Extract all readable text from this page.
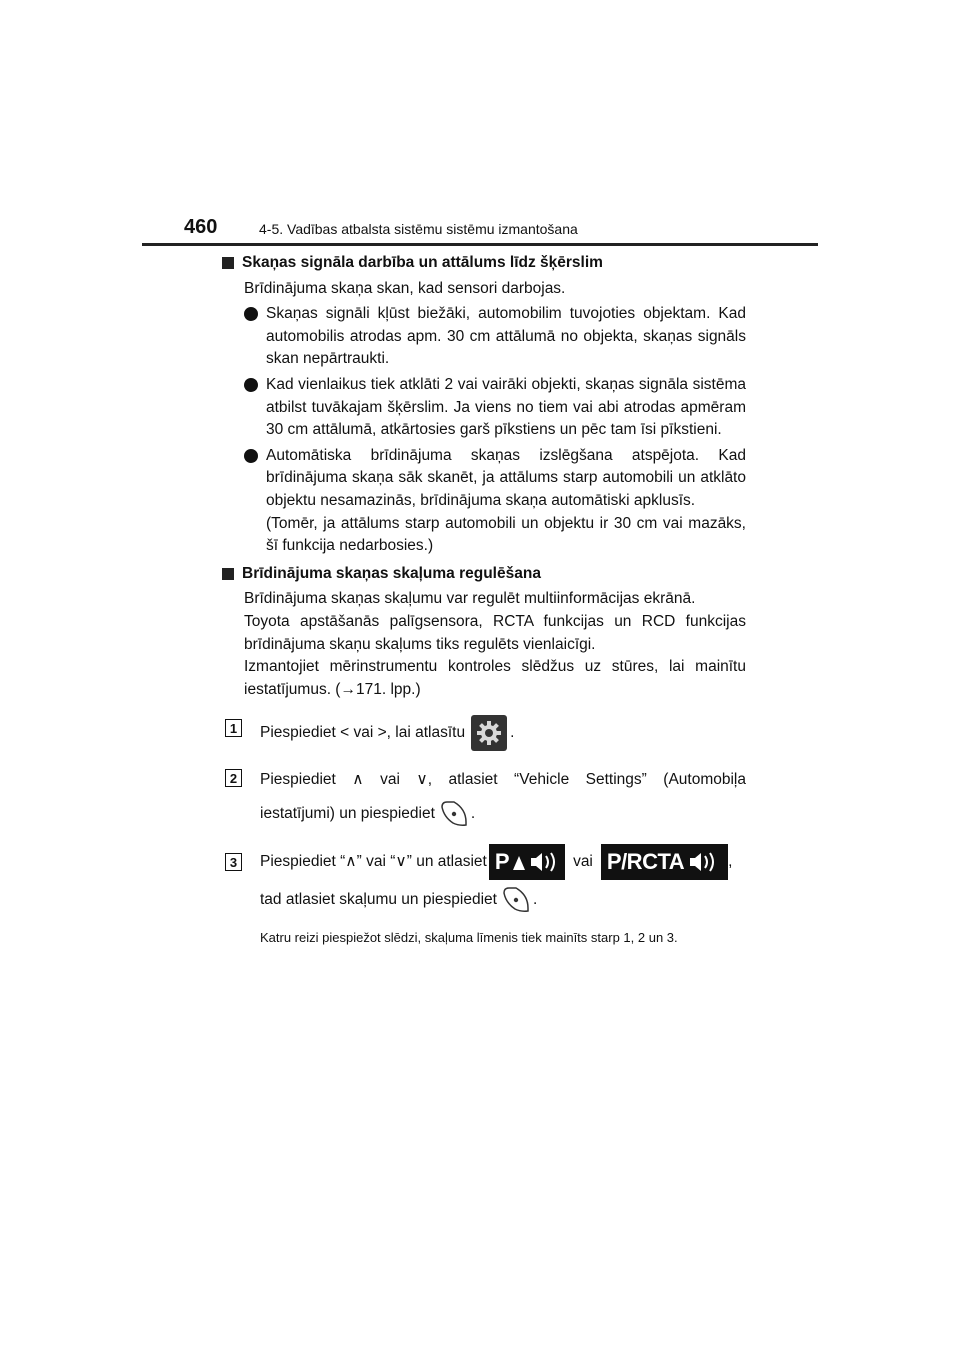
460	4-5. Vadības atbalsta sistēmu sistēmu izmantošana
Skaņas signāla darbība un attālums līdz šķērslim
Brīdinājuma skaņa skan, kad sensori darbojas.
Skaņas signāli kļūst biežāki, automobilim tuvojoties objektam. Kad automobilis atrodas apm. 30 cm attālumā no objekta, skaņas signāls skan nepārtraukti.
Kad vienlaikus tiek atklāti 2 vai vairāki objekti, skaņas signāla sistēma atbilst tuvākajam šķērslim. Ja viens no tiem vai abi atrodas apmēram 30 cm attālumā, atkārtosies garš pīkstiens un pēc tam īsi pīkstieni.
Automātiska brīdinājuma skaņas izslēgšana atspējota. Kad brīdinājuma skaņa sāk skanēt, ja attālums starp automobili un atklāto objektu nesamazinās, brīdinājuma skaņa automātiski apklusīs.
(Tomēr, ja attālums starp automobili un objektu ir 30 cm vai mazāks, šī funkcija nedarbosies.)
Brīdinājuma skaņas skaļuma regulēšana
Brīdinājuma skaņas skaļumu var regulēt multiinformācijas ekrānā.
Toyota apstāšanās palīgsensora, RCTA funkcijas un RCD funkcijas brīdinājuma skaņu skaļums tiks regulēts vienlaicīgi.
Izmantojiet mērinstrumentu kontroles slēdžus uz stūres, lai mainītu iestatījumus. (→171. lpp.)
1	Piespiediet < vai >, lai atlasītu	.
2	Piespiediet ∧ vai ∨, atlasiet “Vehicle Settings” (Automobiļa
iestatījumi) un piespiediet .
3	Piespiediet “∧” vai “∨” un atlasiet P	vai P/RCTA	,
tad atlasiet skaļumu un piespiediet .
Katru reizi piespiežot slēdzi, skaļuma līmenis tiek mainīts starp 1, 2 un 3.
